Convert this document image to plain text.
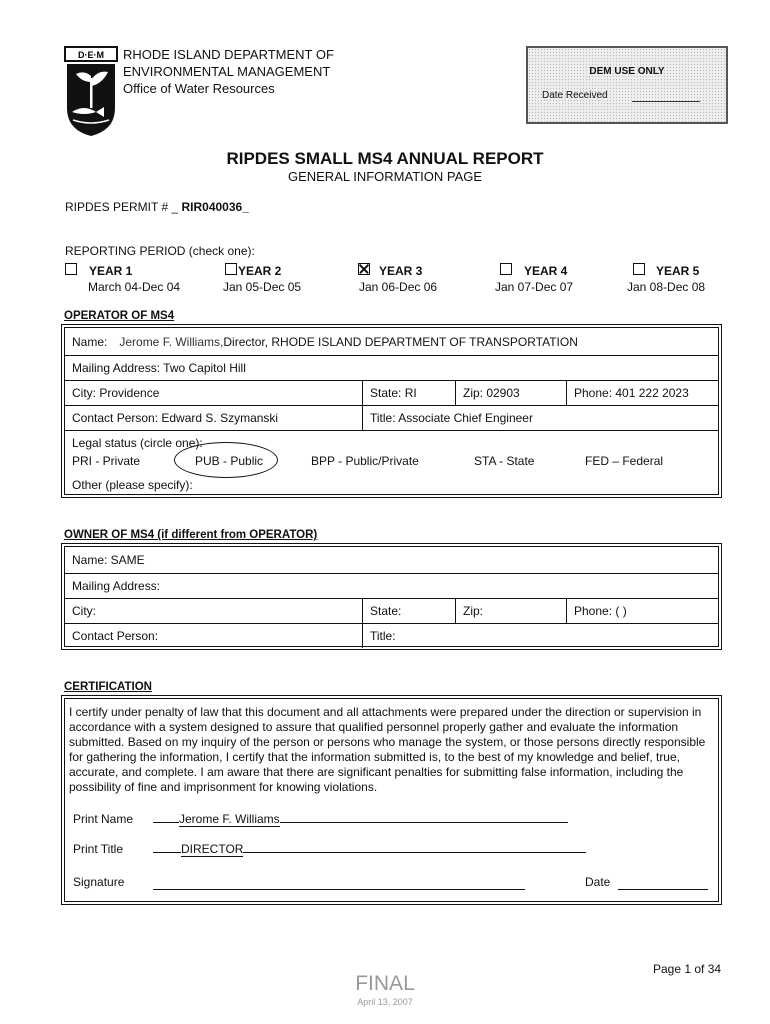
D·E·M RHODE ISLAND DEPARTMENT OF
ENVIRONMENTAL MANAGEMENT
Office of Water Resources
DEM USE ONLY
Date Received
RIPDES SMALL MS4 ANNUAL REPORT
GENERAL INFORMATION PAGE
RIPDES PERMIT # _ RIR040036_
REPORTING PERIOD (check one):
YEAR 1
March 04-Dec 04
YEAR 2
Jan 05-Dec 05
YEAR 3
Jan 06-Dec 06
YEAR 4
Jan 07-Dec 07
YEAR 5
Jan 08-Dec 08
OPERATOR OF MS4
Name: Jerome F. Williams, Director, RHODE ISLAND DEPARTMENT OF TRANSPORTATION
Mailing Address: Two Capitol Hill
City: Providence	State: RI	Zip: 02903	Phone: 401 222 2023
Contact Person: Edward S. Szymanski	Title: Associate Chief Engineer
Legal status (circle one):
PRI - Private	PUB - Public	BPP - Public/Private	STA - State	FED – Federal
Other (please specify):
OWNER OF MS4 (if different from OPERATOR)
Name: SAME
Mailing Address:
City:	State:	Zip:	Phone: ( )
Contact Person:	Title:
CERTIFICATION
I certify under penalty of law that this document and all attachments were prepared under the direction or supervision in accordance with a system designed to assure that qualified personnel properly gather and evaluate the information submitted. Based on my inquiry of the person or persons who manage the system, or those persons directly responsible for gathering the information, I certify that the information submitted is, to the best of my knowledge and belief, true, accurate, and complete. I am aware that there are significant penalties for submitting false information, including the possibility of fine and imprisonment for knowing violations.
Print Name	Jerome F. Williams
Print Title	DIRECTOR
Signature
	Date

Page 1 of 34
FINAL
April 13, 2007
